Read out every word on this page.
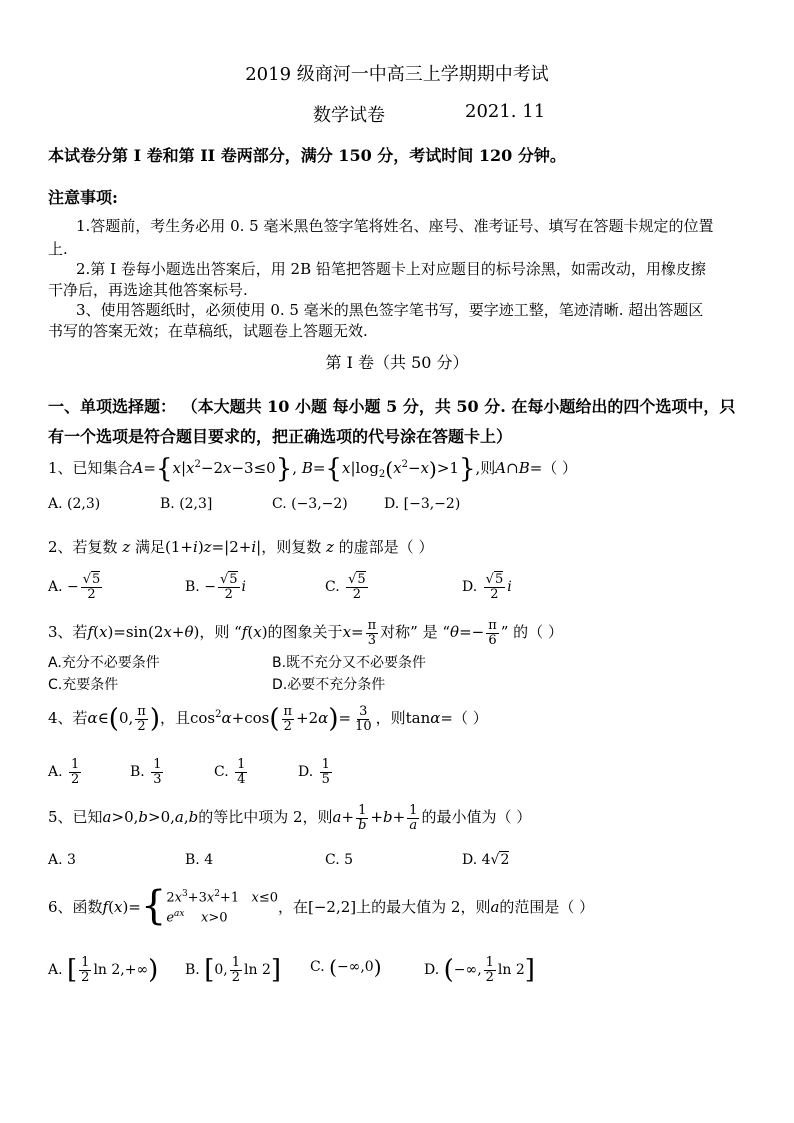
2019 级商河一中高三上学期期中考试
数学试卷	2021. 11
本试卷分第 I 卷和第 II 卷两部分，满分 150 分，考试时间 120 分钟。
注意事项:
1.答题前，考生务必用 0. 5 毫米黑色签字笔将姓名、座号、准考证号、填写在答题卡规定的位置
上.
2.第 I 卷每小题选出答案后，用 2B 铅笔把答题卡上对应题目的标号涂黑，如需改动，用橡皮擦
干净后，再选途其他答案标号.
3、使用答题纸时，必须使用 0. 5 毫米的黑色签字笔书写，要字迹工整，笔迹清晰. 超出答题区
书写的答案无效；在草稿纸，试题卷上答题无效.
第 I 卷（共 50 分）
一、单项选择题： （本大题共 10 小题 每小题 5 分，共 50 分. 在每小题给出的四个选项中，只
有一个选项是符合题目要求的，把正确选项的代号涂在答题卡上）
1、已知集合$A=\{x|x^2-2x-3\le 0\}$, $B=\{x|\log_2(x^2-x)>1\}$,则A∩B=（ ）
A. (2,3)	B. (2,3]	C. (−3,−2)	D. [−3,−2)
2、若复数 z 满足(1+i)z=|2+i|，则复数 z 的虚部是（ ）
A. − $\frac{√5}{2}$	B. − $\frac{√5}{2}$ i	C. $\frac{√5}{2}$	D. $\frac{√5}{2}$ i
3、若f(x)=sin(2x+θ)，则 “f(x)的图象关于$x= \frac{\pi}{3}$ 对称” 是 “$\theta=- \frac{\pi}{6}$ ” 的（ ）
A.充分不必要条件	B.既不充分又不必要条件
C.充要条件	D.必要不充分条件
4、若α∈(0, $\frac{\pi}{2}$ )，且$\cos^2\alpha+\cos( \frac{\pi}{2} +2\alpha)= \frac{3}{10}$ ，则tanα=（ ）
A. $\frac{1}{2}$	B. $\frac{1}{3}$	C. $\frac{1}{4}$	D. $\frac{1}{5}$
5、已知a>0,b>0,a,b的等比中项为 2，则$a+ \frac{1}{b} +b+ \frac{1}{a}$ 的最小值为（ ）
A. 3	B. 4	C. 5	D. 4√2
6、函数f(x)= { $2x^3+3x^2+1$   x≤0
$e^{ax}$ x>0
，在[−2,2]上的最大值为 2，则a的范围是（ ）
A. [ $\frac{1}{2}$ ln 2,+∞) B. [0, $\frac{1}{2}$ ln 2] C. (−∞,0)	D. (−∞, $\frac{1}{2}$ ln 2]
